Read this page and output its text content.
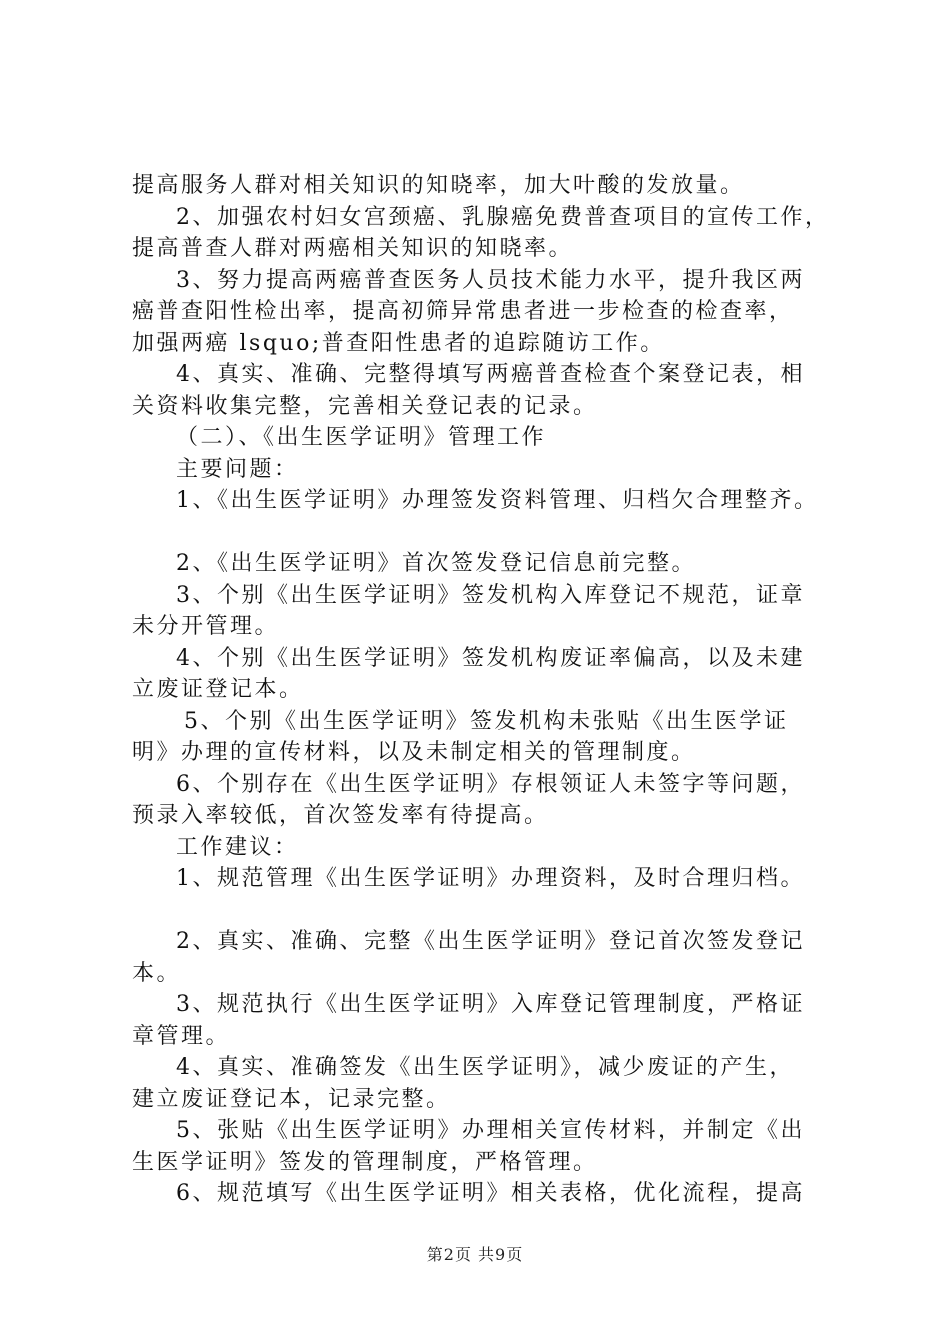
提高服务人群对相关知识的知晓率，加大叶酸的发放量。

2、加强农村妇女宫颈癌、乳腺癌免费普查项目的宣传工作，

提高普查人群对两癌相关知识的知晓率。

3、努力提高两癌普查医务人员技术能力水平，提升我区两

癌普查阳性检出率，提高初筛异常患者进一步检查的检查率，

加强两癌 lsquo;普查阳性患者的追踪随访工作。

4、真实、准确、完整得填写两癌普查检查个案登记表，相

关资料收集完整，完善相关登记表的记录。

（二）、《出生医学证明》管理工作

主要问题：

1、《出生医学证明》办理签发资料管理、归档欠合理整齐。

2、《出生医学证明》首次签发登记信息前完整。

3、个别《出生医学证明》签发机构入库登记不规范，证章

未分开管理。

4、个别《出生医学证明》签发机构废证率偏高，以及未建

立废证登记本。

5、个别《出生医学证明》签发机构未张贴《出生医学证

明》办理的宣传材料，以及未制定相关的管理制度。

6、个别存在《出生医学证明》存根领证人未签字等问题，

预录入率较低，首次签发率有待提高。

工作建议：

1、规范管理《出生医学证明》办理资料，及时合理归档。

2、真实、准确、完整《出生医学证明》登记首次签发登记

本。

3、规范执行《出生医学证明》入库登记管理制度，严格证

章管理。

4、真实、准确签发《出生医学证明》，减少废证的产生，

建立废证登记本，记录完整。

5、张贴《出生医学证明》办理相关宣传材料，并制定《出

生医学证明》签发的管理制度，严格管理。

6、规范填写《出生医学证明》相关表格，优化流程，提高

第2页 共9页
